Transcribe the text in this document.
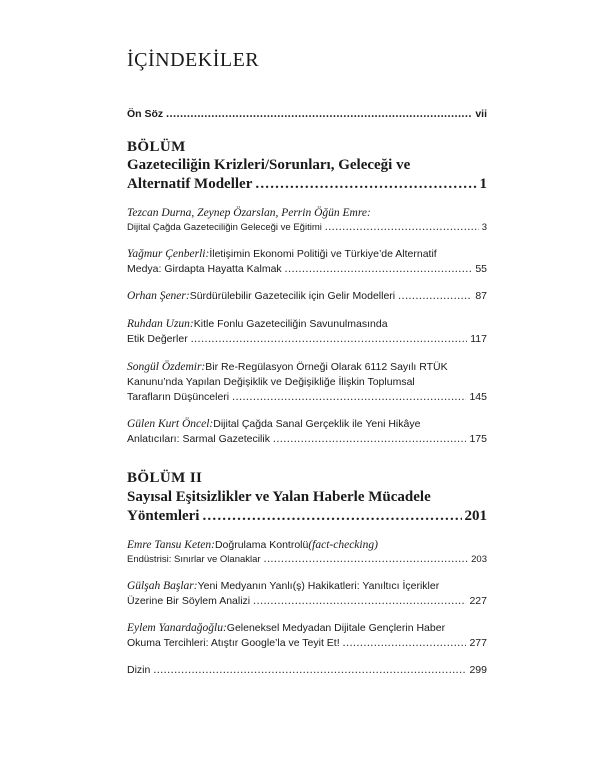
İÇİNDEKİLER
Ön Söz .....	vii
BÖLÜM
Gazeteciliğin Krizleri/Sorunları, Geleceği ve
Alternatif Modeller .....	1
Tezcan Durna, Zeynep Özarslan, Perrin Öğün Emre:
Dijital Çağda Gazeteciliğin Geleceği ve Eğitimi .....	3
Yağmur Çenberli: İletişimin Ekonomi Politiği ve Türkiye’de Alternatif
Medya: Girdapta Hayatta Kalmak .....	55
Orhan Şener: Sürdürülebilir Gazetecilik için Gelir Modelleri .....	87
Ruhdan Uzun: Kitle Fonlu Gazeteciliğin Savunulmasında
Etik Değerler .....	117
Songül Özdemir: Bir Re-Regülasyon Örneği Olarak 6112 Sayılı RTÜK
Kanunu’nda Yapılan Değişiklik ve Değişikliğe İlişkin Toplumsal
Tarafların Düşünceleri .....	145
Gülen Kurt Öncel: Dijital Çağda Sanal Gerçeklik ile Yeni Hikâye
Anlatıcıları: Sarmal Gazetecilik .....	175
BÖLÜM II
Sayısal Eşitsizlikler ve Yalan Haberle Mücadele
Yöntemleri .....	201
Emre Tansu Keten: Doğrulama Kontrolü (fact-checking)
Endüstrisi: Sınırlar ve Olanaklar .....	203
Gülşah Başlar: Yeni Medyanın Yanlı(ş) Hakikatleri: Yanıltıcı İçerikler
Üzerine Bir Söylem Analizi .....	227
Eylem Yanardağoğlu: Geleneksel Medyadan Dijitale Gençlerin Haber
Okuma Tercihleri: Atıştır Google’la ve Teyit Et! .....	277
Dizin .....	299
